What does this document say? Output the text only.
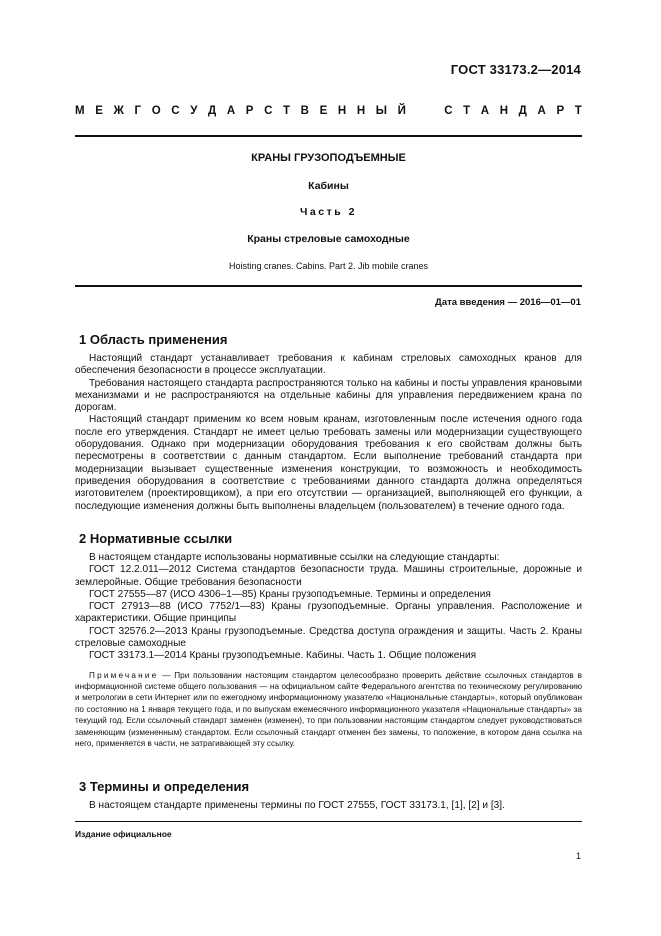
ГОСТ 33173.2—2014
М Е Ж Г О С У Д А Р С Т В Е Н Н Ы Й

	С Т А Н Д А Р Т
КРАНЫ ГРУЗОПОДЪЕМНЫЕ
Кабины
Часть 2
Краны стреловые самоходные
Hoisting cranes. Cabins. Part 2. Jib mobile cranes
Дата введения — 2016—01—01
1 Область применения

Настоящий стандарт устанавливает требования к кабинам стреловых самоходных кранов для обеспечения безопасности в процессе эксплуатации.

Требования настоящего стандарта распространяются только на кабины и посты управления крановыми механизмами и не распространяются на отдельные кабины для управления передвижением крана по дорогам.

Настоящий стандарт применим ко всем новым кранам, изготовленным после истечения одного года после его утверждения. Стандарт не имеет целью требовать замены или модернизации существующего оборудования. Однако при модернизации оборудования требования к его свойствам должны быть пересмотрены в соответствии с данным стандартом. Если выполнение требований стандарта при модернизации вызывает существенные изменения конструкции, то возможность и необходимость приведения оборудования в соответствие с требованиями данного стандарта должна определяться изготовителем (проектировщиком), а при его отсутствии — организацией, выполняющей его функции, а последующие изменения должны быть выполнены владельцем (пользователем) в течение одного года.

2 Нормативные ссылки

В настоящем стандарте использованы нормативные ссылки на следующие стандарты:

ГОСТ 12.2.011—2012 Система стандартов безопасности труда. Машины строительные, дорожные и землеройные. Общие требования безопасности

ГОСТ 27555—87 (ИСО 4306–1—85) Краны грузоподъемные. Термины и определения

ГОСТ 27913—88 (ИСО 7752/1—83) Краны грузоподъемные. Органы управления. Расположение и характеристики. Общие принципы

ГОСТ 32576.2—2013 Краны грузоподъемные. Средства доступа ограждения и защиты. Часть 2. Краны стреловые самоходные

ГОСТ 33173.1—2014 Краны грузоподъемные. Кабины. Часть 1. Общие положения

Примечание — При пользовании настоящим стандартом целесообразно проверить действие ссылочных стандартов в информационной системе общего пользования — на официальном сайте Федерального агентства по техническому регулированию и метрологии в сети Интернет или по ежегодному информационному указателю «Национальные стандарты», который опубликован по состоянию на 1 января текущего года, и по выпускам ежемесячного информационного указателя «Национальные стандарты» за текущий год. Если ссылочный стандарт заменен (изменен), то при пользовании настоящим стандартом следует руководствоваться заменяющим (измененным) стандартом. Если ссылочный стандарт отменен без замены, то положение, в котором дана ссылка на него, применяется в части, не затрагивающей эту ссылку.

3 Термины и определения

В настоящем стандарте применены термины по ГОСТ 27555, ГОСТ 33173.1, [1], [2] и [3].

Издание официальное
1
